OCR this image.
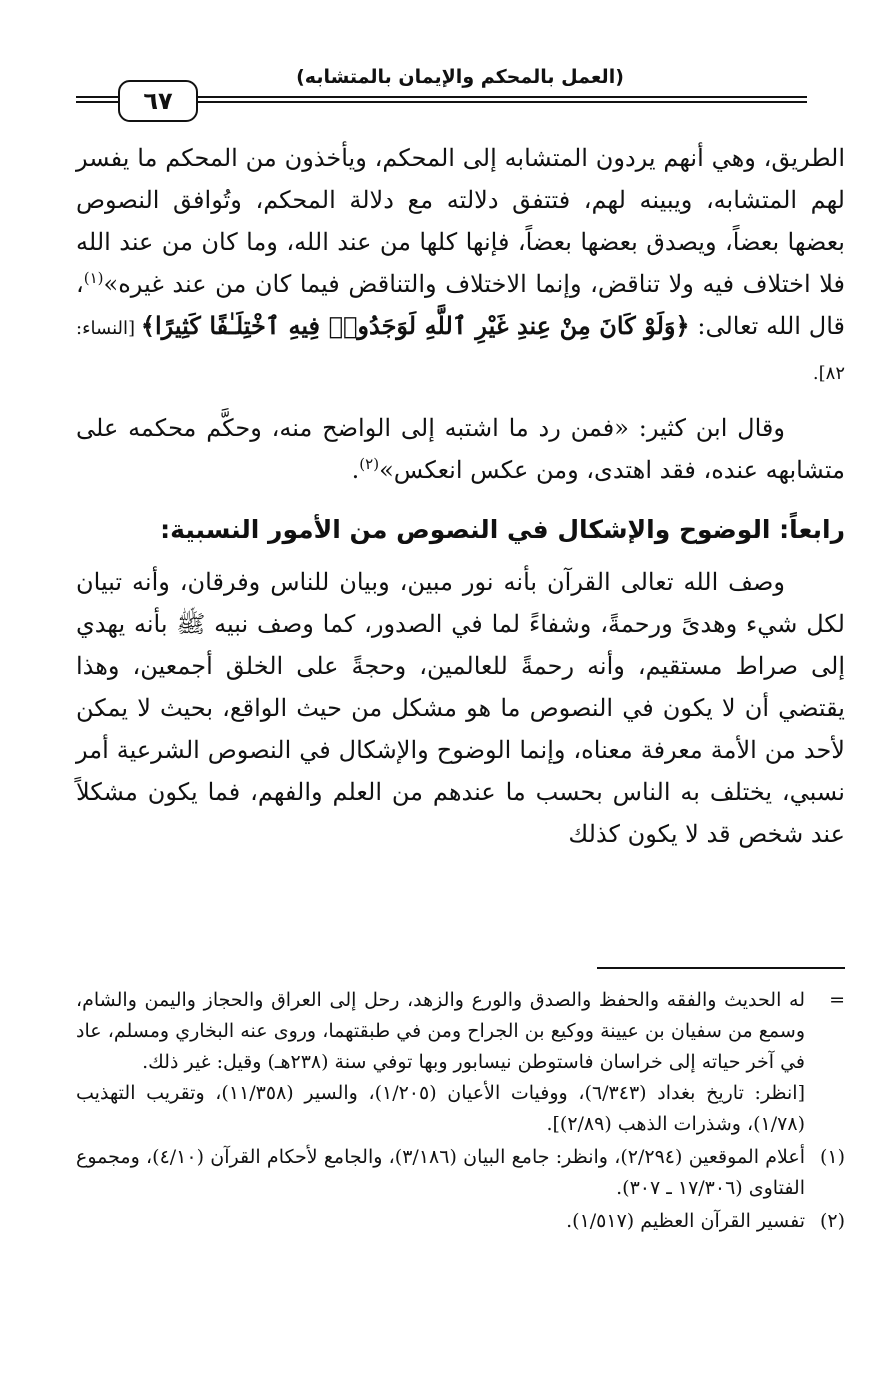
(العمل بالمحكم والإيمان بالمتشابه)
٦٧

الطريق، وهي أنهم يردون المتشابه إلى المحكم، ويأخذون من المحكم ما يفسر لهم المتشابه، ويبينه لهم، فتتفق دلالته مع دلالة المحكم، وتُوافق النصوص بعضها بعضاً، ويصدق بعضها بعضاً، فإنها كلها من عند الله، وما كان من عند الله فلا اختلاف فيه ولا تناقض، وإنما الاختلاف والتناقض فيما كان من عند غيره»$^{(١)}$، قال الله تعالى: ﴿وَلَوْ كَانَ مِنْ عِندِ غَيْرِ ٱللَّهِ لَوَجَدُوا۟ فِيهِ ٱخْتِلَـٰفًا كَثِيرًا﴾ [النساء: ٨٢].

وقال ابن كثير: «فمن رد ما اشتبه إلى الواضح منه، وحكَّم محكمه على متشابهه عنده، فقد اهتدى، ومن عكس انعكس»$^{(٢)}$.

رابعاً: الوضوح والإشكال في النصوص من الأمور النسبية:

وصف الله تعالى القرآن بأنه نور مبين، وبيان للناس وفرقان، وأنه تبيان لكل شيء وهدىً ورحمةً، وشفاءً لما في الصدور، كما وصف نبيه ﷺ بأنه يهدي إلى صراط مستقيم، وأنه رحمةً للعالمين، وحجةً على الخلق أجمعين، وهذا يقتضي أن لا يكون في النصوص ما هو مشكل من حيث الواقع، بحيث لا يمكن لأحد من الأمة معرفة معناه، وإنما الوضوح والإشكال في النصوص الشرعية أمر نسبي، يختلف به الناس بحسب ما عندهم من العلم والفهم، فما يكون مشكلاً عند شخص قد لا يكون كذلك

=

له الحديث والفقه والحفظ والصدق والورع والزهد، رحل إلى العراق والحجاز واليمن والشام، وسمع من سفيان بن عيينة ووكيع بن الجراح ومن في طبقتهما، وروى عنه البخاري ومسلم، عاد في آخر حياته إلى خراسان فاستوطن نيسابور وبها توفي سنة (٢٣٨هـ) وقيل: غير ذلك.

[انظر: تاريخ بغداد (٦/٣٤٣)، ووفيات الأعيان (١/٢٠٥)، والسير (١١/٣٥٨)، وتقريب التهذيب (١/٧٨)، وشذرات الذهب (٢/٨٩)].

(١)

أعلام الموقعين (٢/٢٩٤)، وانظر: جامع البيان (٣/١٨٦)، والجامع لأحكام القرآن (٤/١٠)، ومجموع الفتاوى (١٧/٣٠٦ ـ ٣٠٧).

(٢)

تفسير القرآن العظيم (١/٥١٧).
